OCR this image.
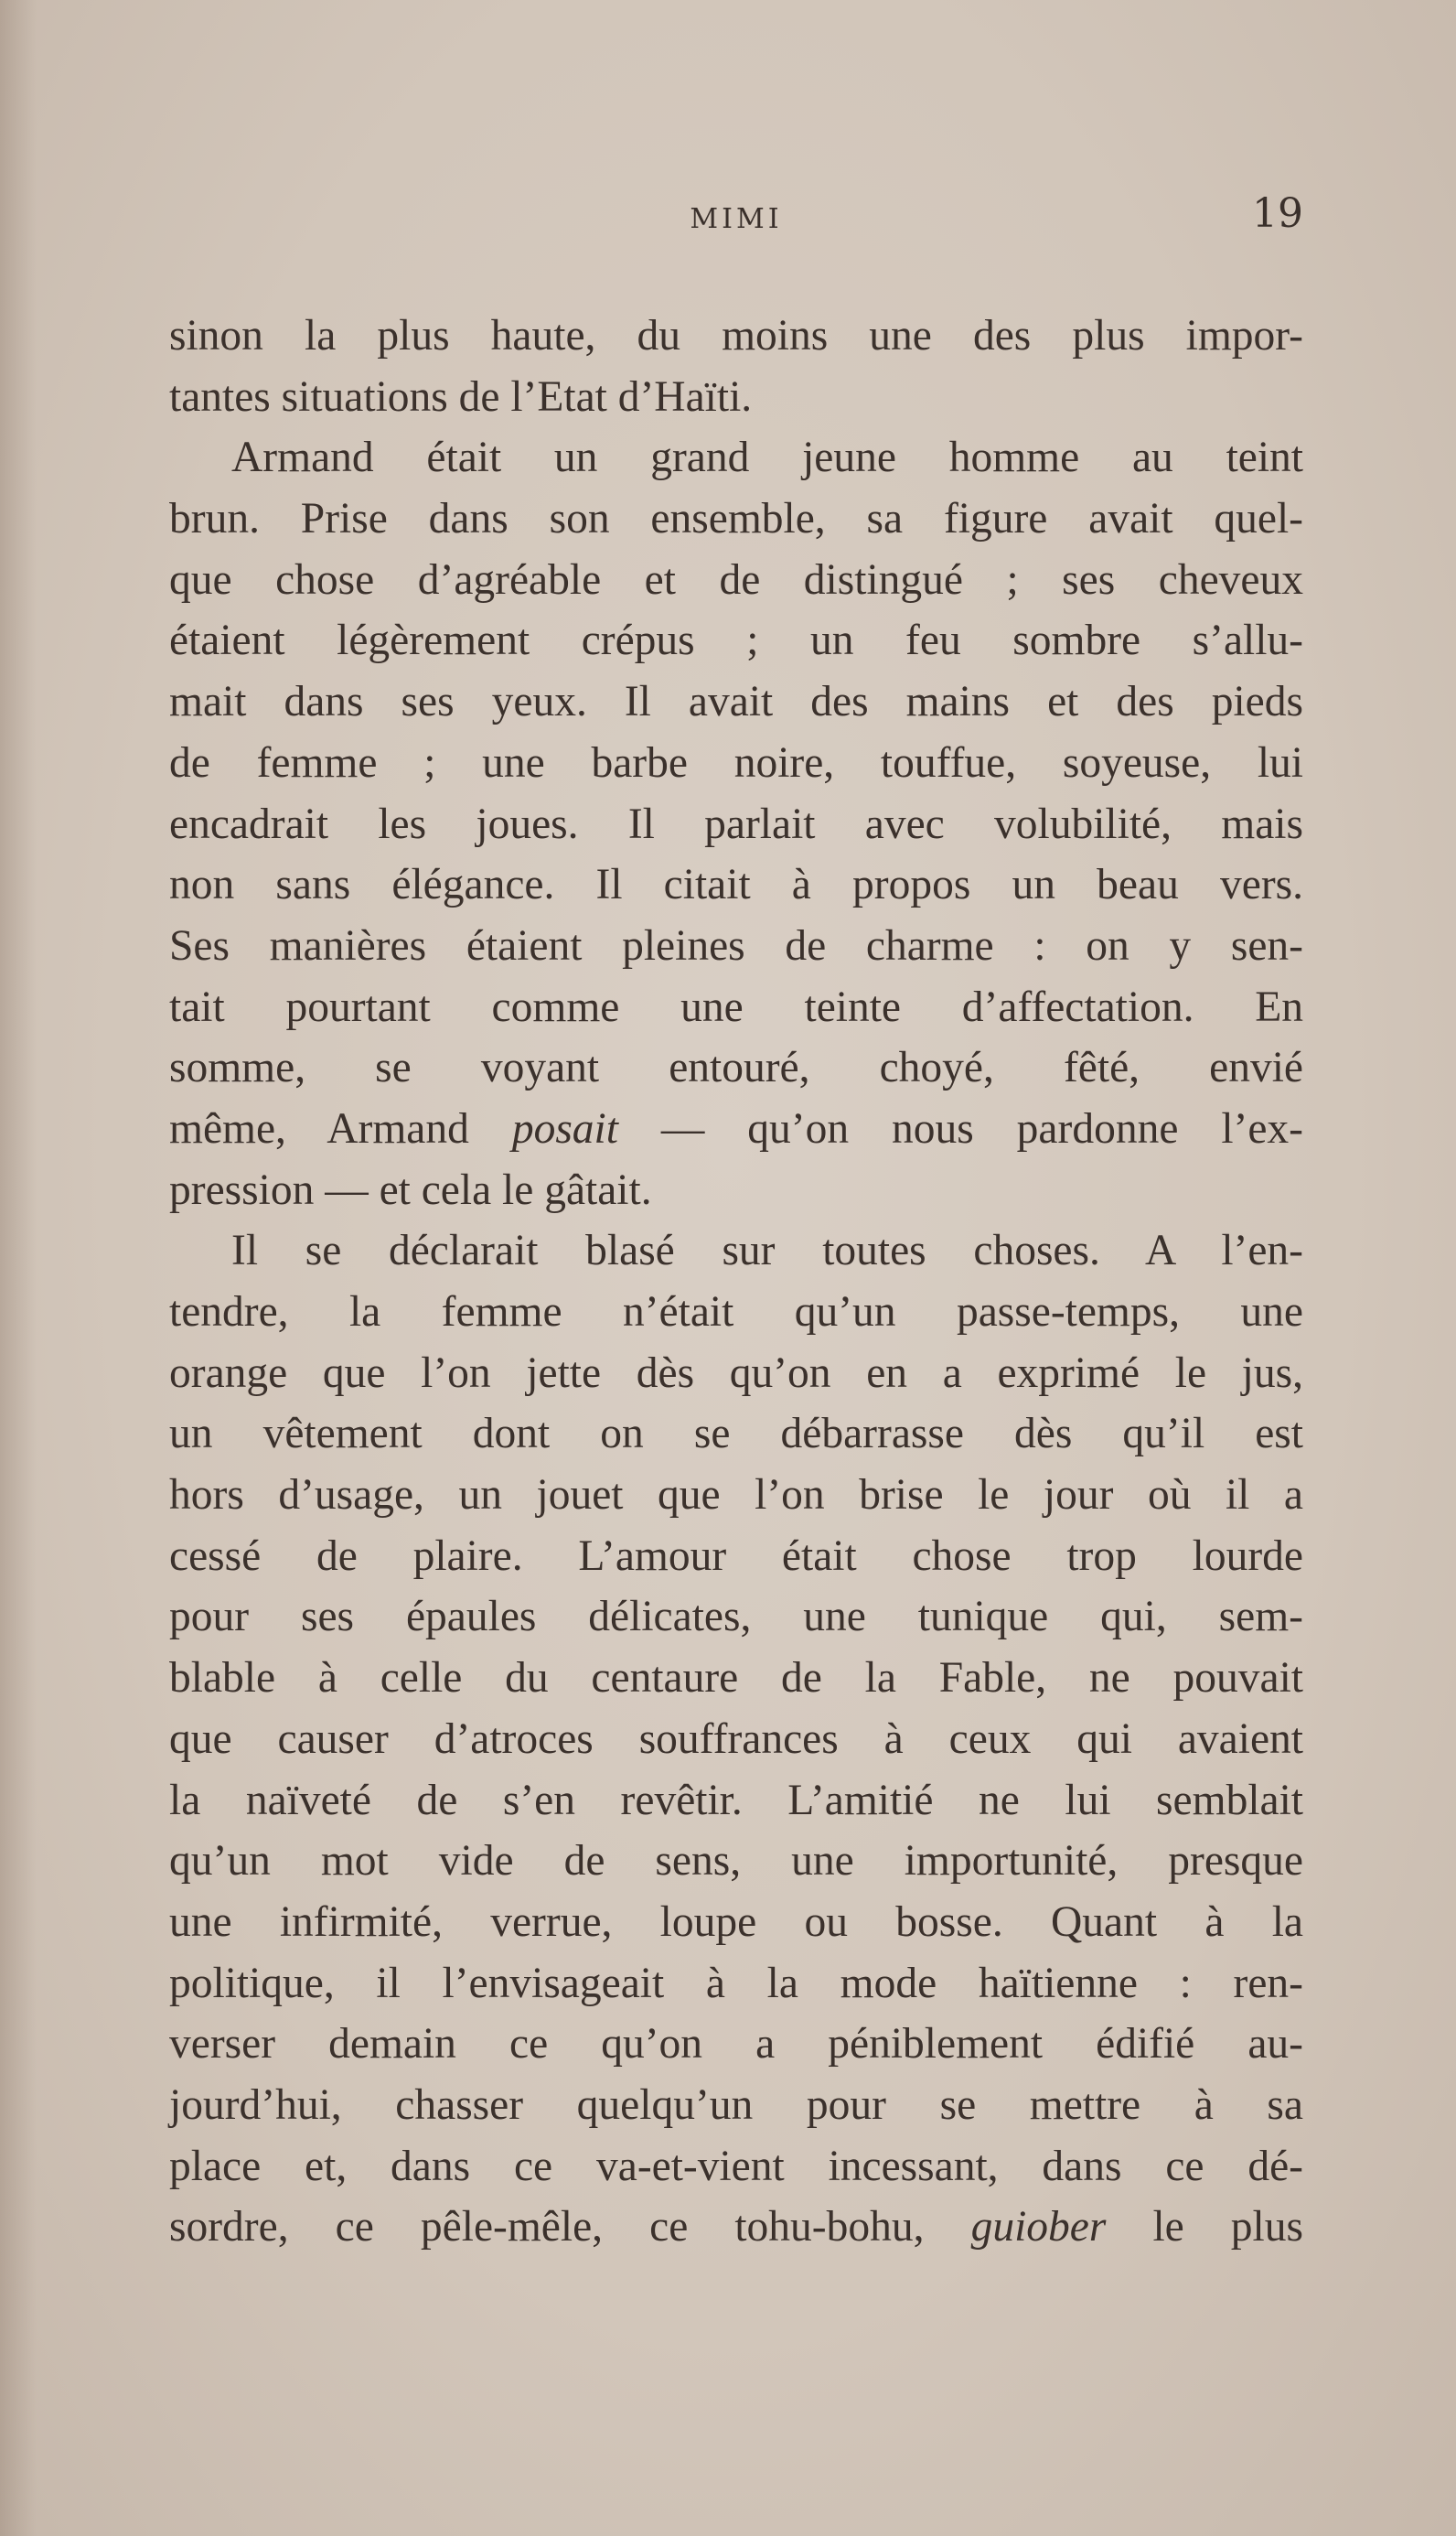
MIMI	19
sinon la plus haute, du moins une des plus impor-
tantes situations de l’Etat d’Haïti.
Armand était un grand jeune homme au teint
brun. Prise dans son ensemble, sa figure avait quel-
que chose d’agréable et de distingué ; ses cheveux
étaient légèrement crépus ; un feu sombre s’allu-
mait dans ses yeux. Il avait des mains et des pieds
de femme ; une barbe noire, touffue, soyeuse, lui
encadrait les joues. Il parlait avec volubilité, mais
non sans élégance. Il citait à propos un beau vers.
Ses manières étaient pleines de charme : on y sen-
tait pourtant comme une teinte d’affectation. En
somme, se voyant entouré, choyé, fêté, envié
même, Armand posait — qu’on nous pardonne l’ex-
pression — et cela le gâtait.
Il se déclarait blasé sur toutes choses. A l’en-
tendre, la femme n’était qu’un passe-temps, une
orange que l’on jette dès qu’on en a exprimé le jus,
un vêtement dont on se débarrasse dès qu’il est
hors d’usage, un jouet que l’on brise le jour où il a
cessé de plaire. L’amour était chose trop lourde
pour ses épaules délicates, une tunique qui, sem-
blable à celle du centaure de la Fable, ne pouvait
que causer d’atroces souffrances à ceux qui avaient
la naïveté de s’en revêtir. L’amitié ne lui semblait
qu’un mot vide de sens, une importunité, presque
une infirmité, verrue, loupe ou bosse. Quant à la
politique, il l’envisageait à la mode haïtienne : ren-
verser demain ce qu’on a péniblement édifié au-
jourd’hui, chasser quelqu’un pour se mettre à sa
place et, dans ce va-et-vient incessant, dans ce dé-
sordre, ce pêle-mêle, ce tohu-bohu, guiober le plus
